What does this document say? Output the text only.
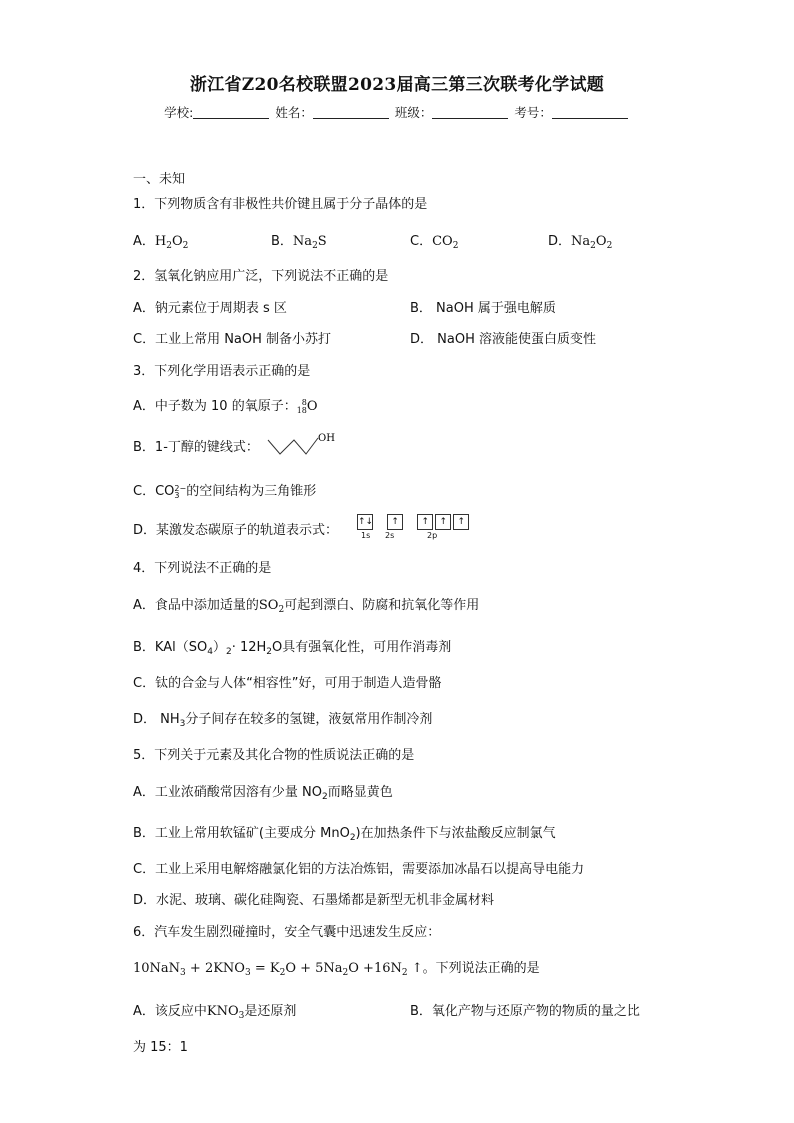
浙江省Z20名校联盟2023届高三第三次联考化学试题
学校:	姓名：	班级：	考号：
一、未知
1．下列物质含有非极性共价键且属于分子晶体的是
A．$H_2O_2$	B．$Na_2S$	C．$CO_2$	D．$Na_2O_2$
2．氢氧化钠应用广泛，下列说法不正确的是
A．钠元素位于周期表 s 区	B． NaOH 属于强电解质
C．工业上常用 NaOH 制备小苏打	D． NaOH 溶液能使蛋白质变性
3．下列化学用语表示正确的是
A．中子数为 10 的氧原子： 8
18 O
B．1-丁醇的键线式：
OH
C．CO 2−
3 的空间结构为三角锥形
D．某激发态碳原子的轨道表示式：
↑↓ ↑	↑ ↑ ↑
1s 2s	2p
4．下列说法不正确的是
A．食品中添加适量的$SO_2$可起到漂白、防腐和抗氧化等作用
B．$KAl(SO_4)_2\cdot 12H_2O$具有强氧化性，可用作消毒剂
C．钛的合金与人体“相容性”好，可用于制造人造骨骼
D． $NH_3$分子间存在较多的氢键，液氨常用作制冷剂
5．下列关于元素及其化合物的性质说法正确的是
A．工业浓硝酸常因溶有少量 $NO_2$而略显黄色
B．工业上常用软锰矿(主要成分 MnO$_2$)在加热条件下与浓盐酸反应制氯气
C．工业上采用电解熔融氯化铝的方法冶炼铝，需要添加冰晶石以提高导电能力
D．水泥、玻璃、碳化硅陶瓷、石墨烯都是新型无机非金属材料
6．汽车发生剧烈碰撞时，安全气囊中迅速发生反应：
$10NaN_3 + 2KNO_3 = K_2O + 5Na_2O +16N_2$ ↑。下列说法正确的是
A．该反应中$KNO_3$是还原剂	B．氧化产物与还原产物的物质的量之比
为 15：1
